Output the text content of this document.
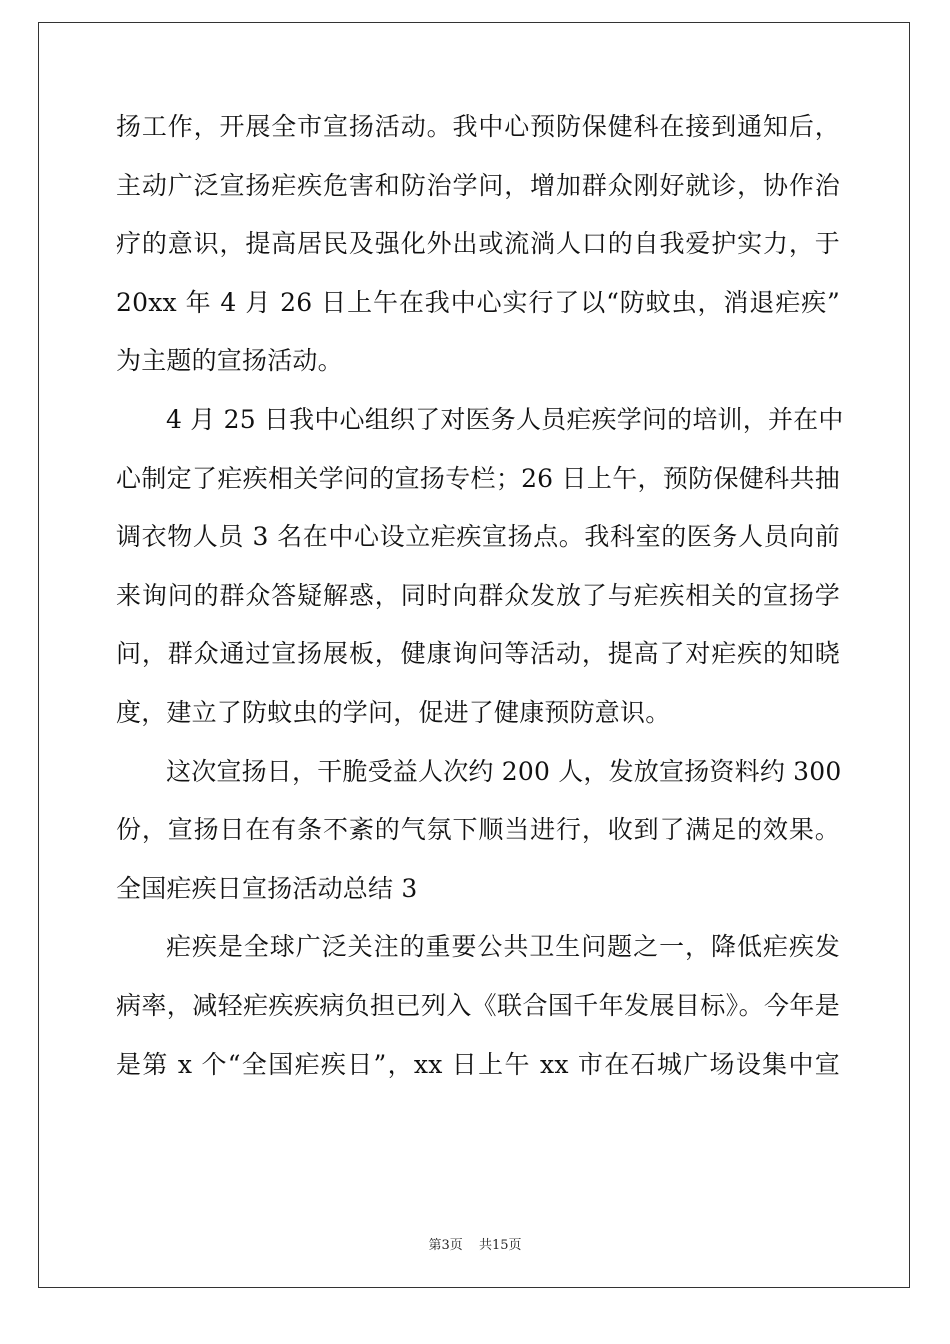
扬工作，开展全市宣扬活动。我中心预防保健科在接到通知后，
主动广泛宣扬疟疾危害和防治学问，增加群众刚好就诊，协作治
疗的意识，提高居民及强化外出或流淌人口的自我爱护实力，于
20xx 年 4 月 26 日上午在我中心实行了以“防蚊虫，消退疟疾”
为主题的宣扬活动。
4 月 25 日我中心组织了对医务人员疟疾学问的培训，并在中
心制定了疟疾相关学问的宣扬专栏；26 日上午，预防保健科共抽
调衣物人员 3 名在中心设立疟疾宣扬点。我科室的医务人员向前
来询问的群众答疑解惑，同时向群众发放了与疟疾相关的宣扬学
问，群众通过宣扬展板，健康询问等活动，提高了对疟疾的知晓
度，建立了防蚊虫的学问，促进了健康预防意识。
这次宣扬日，干脆受益人次约 200 人，发放宣扬资料约 300
份，宣扬日在有条不紊的气氛下顺当进行，收到了满足的效果。
全国疟疾日宣扬活动总结 3
疟疾是全球广泛关注的重要公共卫生问题之一，降低疟疾发
病率，减轻疟疾疾病负担已列入《联合国千年发展目标》。今年是
是第 x 个“全国疟疾日”，xx 日上午 xx 市在石城广场设集中宣
第3页 共15页
